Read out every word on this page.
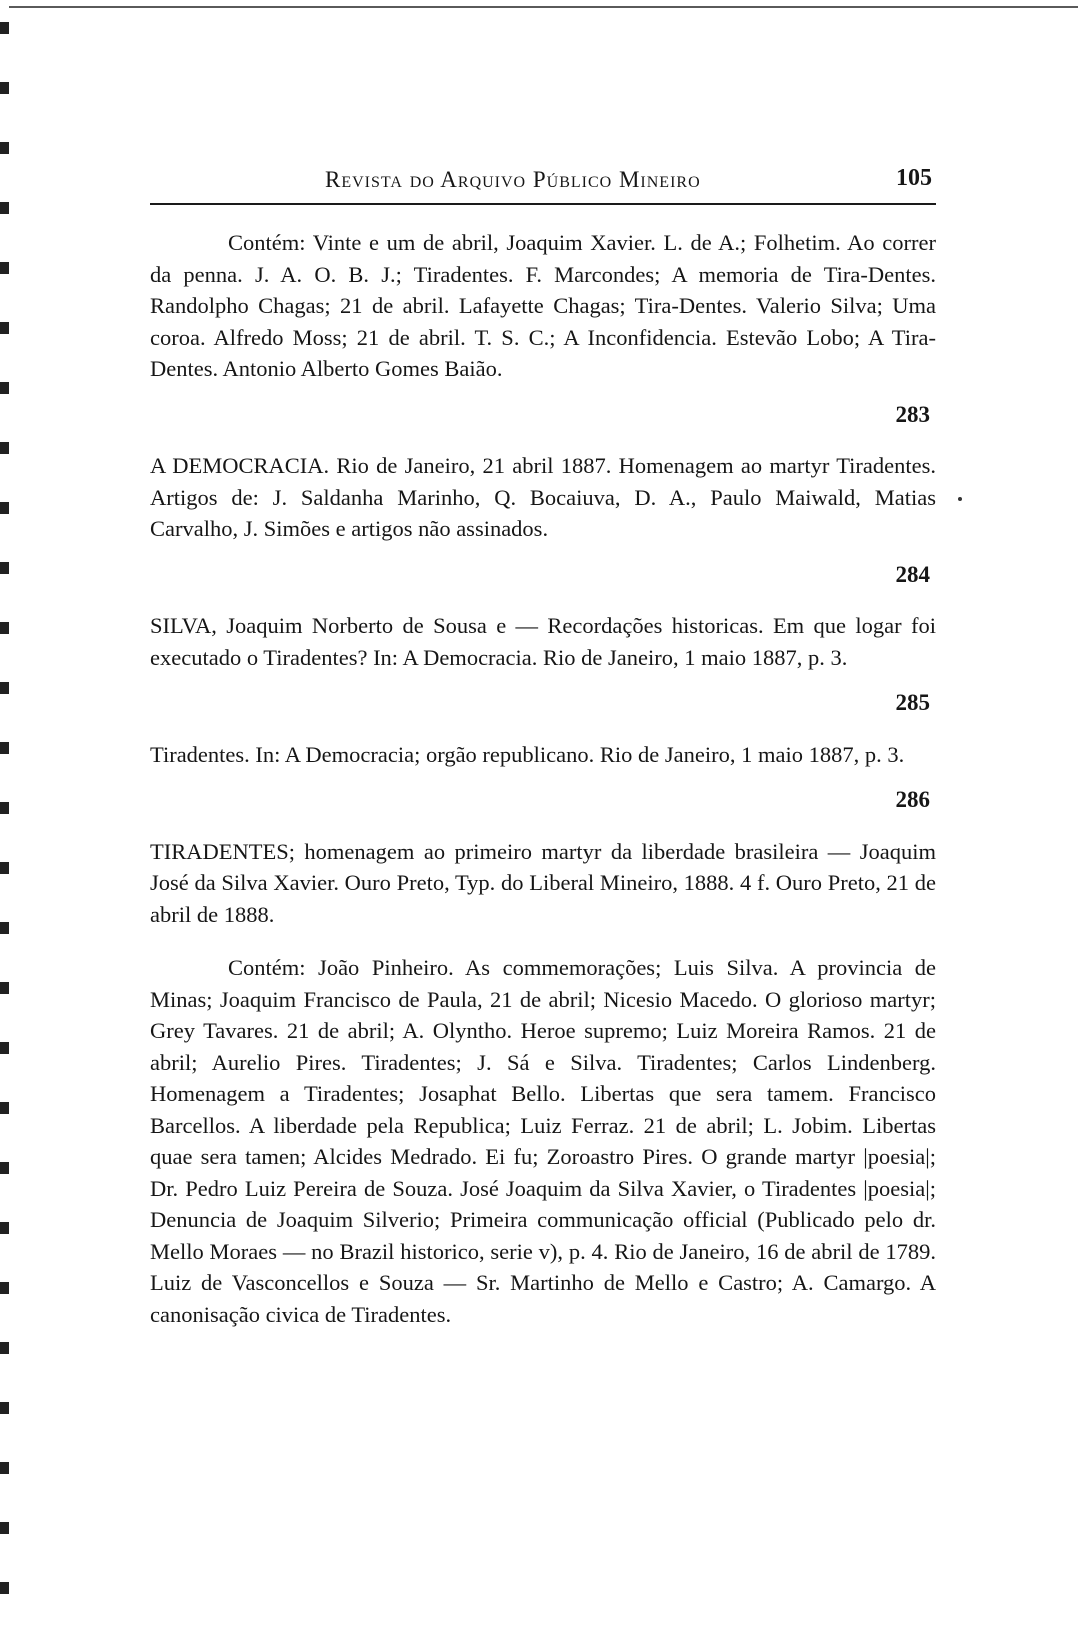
Revista do Arquivo Público Mineiro	105

Contém: Vinte e um de abril, Joaquim Xavier. L. de A.; Folhetim. Ao correr da penna. J. A. O. B. J.; Tiradentes. F. Marcondes; A memoria de Tira-Dentes. Randolpho Chagas; 21 de abril. Lafayette Chagas; Tira-Dentes. Valerio Silva; Uma coroa. Alfredo Moss; 21 de abril. T. S. C.; A Inconfidencia. Estevão Lobo; A Tira-Dentes. Antonio Alberto Gomes Baião.

283

A DEMOCRACIA. Rio de Janeiro, 21 abril 1887. Homenagem ao martyr Tiradentes. Artigos de: J. Saldanha Marinho, Q. Bocaiuva, D. A., Paulo Maiwald, Matias Carvalho, J. Simões e artigos não assinados.

284

SILVA, Joaquim Norberto de Sousa e — Recordações historicas. Em que logar foi executado o Tiradentes? In: A Democracia. Rio de Janeiro, 1 maio 1887, p. 3.

285

Tiradentes. In: A Democracia; orgão republicano. Rio de Janeiro, 1 maio 1887, p. 3.

286

TIRADENTES; homenagem ao primeiro martyr da liberdade brasileira — Joaquim José da Silva Xavier. Ouro Preto, Typ. do Liberal Mineiro, 1888. 4 f. Ouro Preto, 21 de abril de 1888.

Contém: João Pinheiro. As commemorações; Luis Silva. A provincia de Minas; Joaquim Francisco de Paula, 21 de abril; Nicesio Macedo. O glorioso martyr; Grey Tavares. 21 de abril; A. Olyntho. Heroe supremo; Luiz Moreira Ramos. 21 de abril; Aurelio Pires. Tiradentes; J. Sá e Silva. Tiradentes; Carlos Lindenberg. Homenagem a Tiradentes; Josaphat Bello. Libertas que sera tamem. Francisco Barcellos. A liberdade pela Republica; Luiz Ferraz. 21 de abril; L. Jobim. Libertas quae sera tamen; Alcides Medrado. Ei fu; Zoroastro Pires. O grande martyr |poesia|; Dr. Pedro Luiz Pereira de Souza. José Joaquim da Silva Xavier, o Tiradentes |poesia|; Denuncia de Joaquim Silverio; Primeira communicação official (Publicado pelo dr. Mello Moraes — no Brazil historico, serie v), p. 4. Rio de Janeiro, 16 de abril de 1789. Luiz de Vasconcellos e Souza — Sr. Martinho de Mello e Castro; A. Camargo. A canonisação civica de Tiradentes.
